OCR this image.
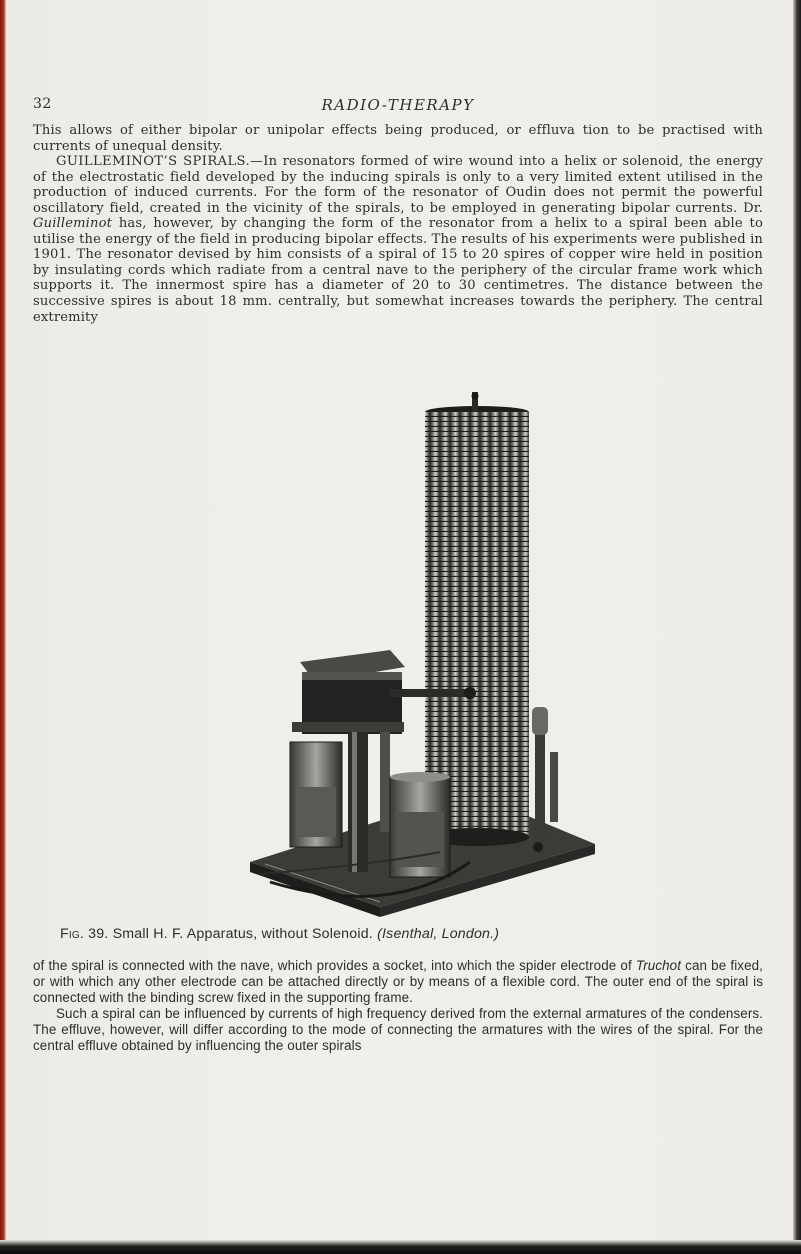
32	RADIO-THERAPY

This allows of either bipolar or unipolar effects being produced, or effluva tion to be practised with currents of unequal density.

GUILLEMINOT’S SPIRALS.—In resonators formed of wire wound into a helix or solenoid, the energy of the electrostatic field developed by the inducing spirals is only to a very limited extent utilised in the production of induced currents. For the form of the resonator of Oudin does not permit the powerful oscillatory field, created in the vicinity of the spirals, to be employed in generating bipolar currents. Dr. Guilleminot has, however, by changing the form of the resonator from a helix to a spiral been able to utilise the energy of the field in producing bipolar effects. The results of his experiments were published in 1901. The resonator devised by him consists of a spiral of 15 to 20 spires of copper wire held in position by insulating cords which radiate from a central nave to the periphery of the circular frame work which supports it. The innermost spire has a diameter of 20 to 30 centimetres. The distance between the successive spires is about 18 mm. centrally, but somewhat increases towards the periphery. The central extremity

Fig. 39. Small H. F. Apparatus, without Solenoid. (Isenthal, London.)

of the spiral is connected with the nave, which provides a socket, into which the spider electrode of Truchot can be fixed, or with which any other electrode can be attached directly or by means of a flexible cord. The outer end of the spiral is connected with the binding screw fixed in the supporting frame.

Such a spiral can be influenced by currents of high frequency derived from the external armatures of the condensers. The effluve, however, will differ according to the mode of connecting the armatures with the wires of the spiral. For the central effluve obtained by influencing the outer spirals
